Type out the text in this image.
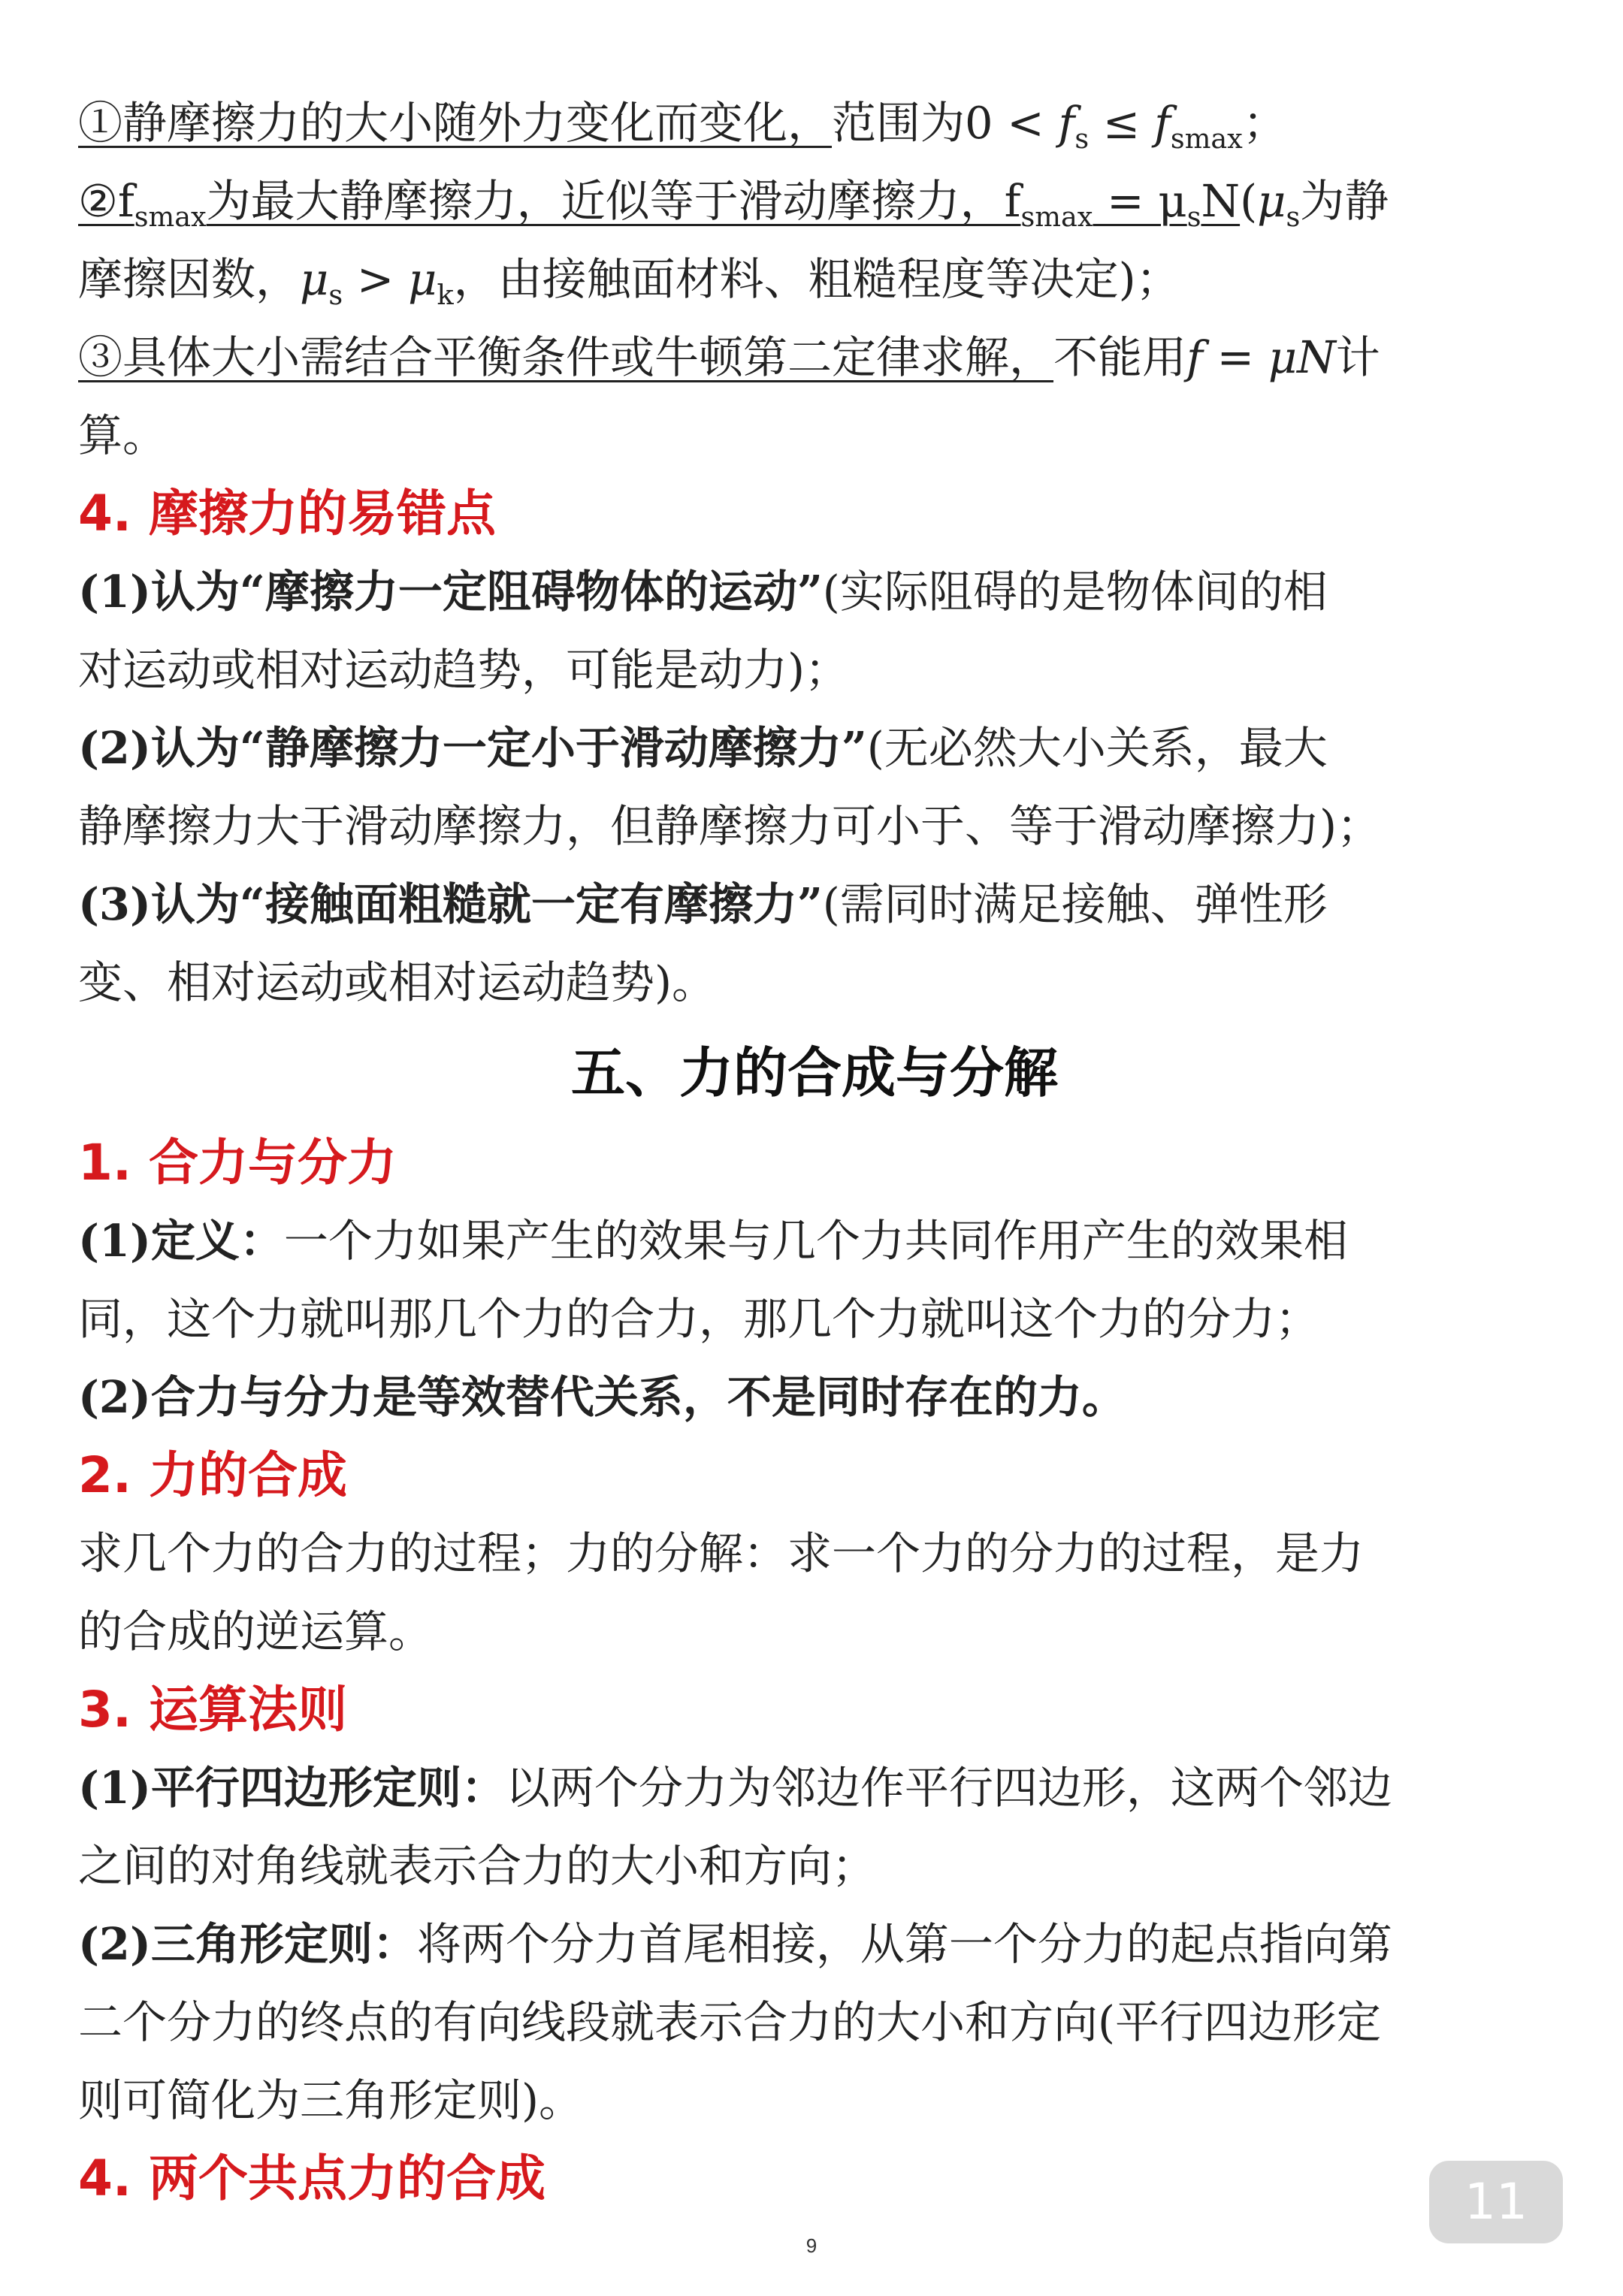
①静摩擦力的大小随外力变化而变化，范围为$0 < f_s \le f_{smax}$；
$②f_{smax}$为最大静摩擦力，近似等于滑动摩擦力，$f_{smax} = \mu_sN(\mu_s$为静
摩擦因数，$\mu_s > \mu_k$，由接触面材料、粗糙程度等决定)；
③具体大小需结合平衡条件或牛顿第二定律求解，不能用f = μN计
算。
4. 摩擦力的易错点
(1)认为“摩擦力一定阻碍物体的运动”(实际阻碍的是物体间的相
对运动或相对运动趋势，可能是动力)；
(2)认为“静摩擦力一定小于滑动摩擦力”(无必然大小关系，最大
静摩擦力大于滑动摩擦力，但静摩擦力可小于、等于滑动摩擦力)；
(3)认为“接触面粗糙就一定有摩擦力”(需同时满足接触、弹性形
变、相对运动或相对运动趋势)。
五、力的合成与分解
1. 合力与分力
(1)定义：一个力如果产生的效果与几个力共同作用产生的效果相
同，这个力就叫那几个力的合力，那几个力就叫这个力的分力；
(2)合力与分力是等效替代关系，不是同时存在的力。
2. 力的合成
求几个力的合力的过程；力的分解：求一个力的分力的过程，是力
的合成的逆运算。
3. 运算法则
(1)平行四边形定则：以两个分力为邻边作平行四边形，这两个邻边
之间的对角线就表示合力的大小和方向；
(2)三角形定则：将两个分力首尾相接，从第一个分力的起点指向第
二个分力的终点的有向线段就表示合力的大小和方向(平行四边形定
则可简化为三角形定则)。
4. 两个共点力的合成	11
9
